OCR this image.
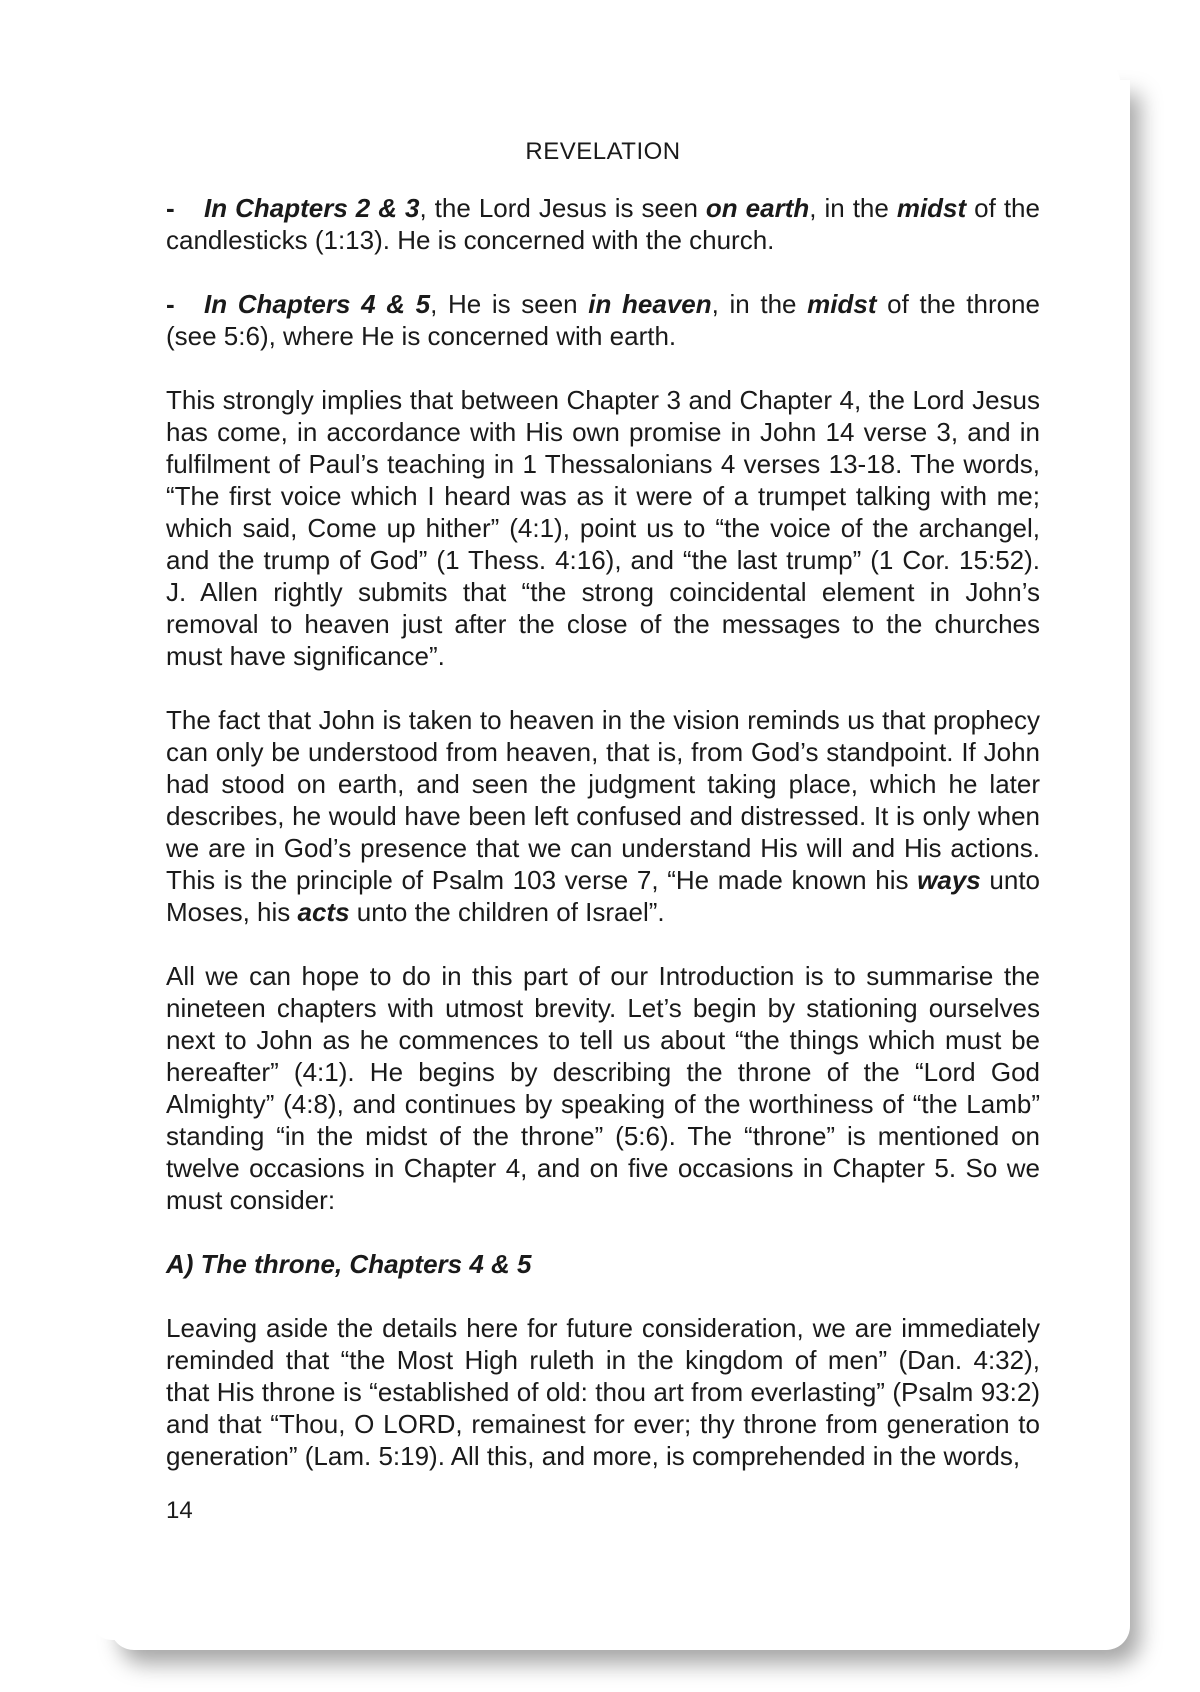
REVELATION

- In Chapters 2 & 3, the Lord Jesus is seen on earth, in the midst of the candlesticks (1:13). He is concerned with the church.

- In Chapters 4 & 5, He is seen in heaven, in the midst of the throne (see 5:6), where He is concerned with earth.

This strongly implies that between Chapter 3 and Chapter 4, the Lord Jesus has come, in accordance with His own promise in John 14 verse 3, and in fulfilment of Paul’s teaching in 1 Thessalonians 4 verses 13-18. The words, “The first voice which I heard was as it were of a trumpet talking with me; which said, Come up hither” (4:1), point us to “the voice of the archangel, and the trump of God” (1 Thess. 4:16), and “the last trump” (1 Cor. 15:52). J. Allen rightly submits that “the strong coincidental element in John’s removal to heaven just after the close of the messages to the churches must have significance”.

The fact that John is taken to heaven in the vision reminds us that prophecy can only be understood from heaven, that is, from God’s standpoint. If John had stood on earth, and seen the judgment taking place, which he later describes, he would have been left confused and distressed. It is only when we are in God’s presence that we can understand His will and His actions. This is the principle of Psalm 103 verse 7, “He made known his ways unto Moses, his acts unto the children of Israel”.

All we can hope to do in this part of our Introduction is to summarise the nineteen chapters with utmost brevity. Let’s begin by stationing ourselves next to John as he commences to tell us about “the things which must be hereafter” (4:1). He begins by describing the throne of the “Lord God Almighty” (4:8), and continues by speaking of the worthiness of “the Lamb” standing “in the midst of the throne” (5:6). The “throne” is mentioned on twelve occasions in Chapter 4, and on five occasions in Chapter 5. So we must consider:

A) The throne, Chapters 4 & 5

Leaving aside the details here for future consideration, we are immediately reminded that “the Most High ruleth in the kingdom of men” (Dan. 4:32), that His throne is “established of old: thou art from everlasting” (Psalm 93:2) and that “Thou, O LORD, remainest for ever; thy throne from generation to generation” (Lam. 5:19). All this, and more, is comprehended in the words,

14
